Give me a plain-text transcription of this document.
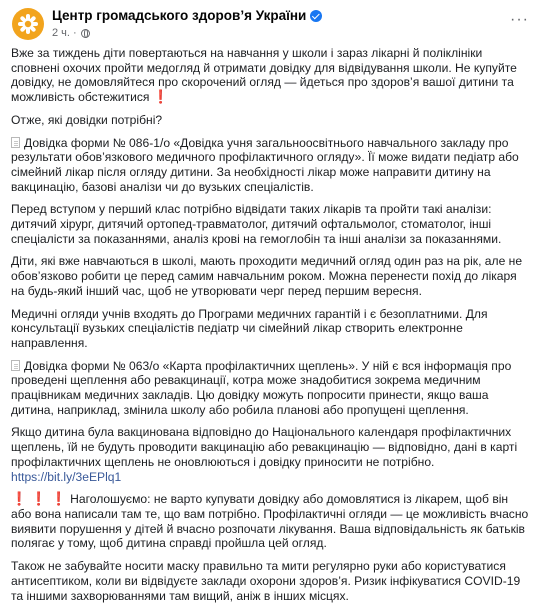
Центр громадського здоров’я України
2 ч. ·
···

Вже за тиждень діти повертаються на навчання у школи і зараз лікарні й поліклініки сповнені охочих пройти медогляд й отримати довідку для відвідування школи. Не купуйте довідку, не домовляйтеся про скорочений огляд — йдеться про здоров’я вашої дитини та можливість обстежитися ❗

Отже, які довідки потрібні?

Довідка форми № 086-1/о «Довідка учня загальноосвітнього навчального закладу про результати обов’язкового медичного профілактичного огляду». Її може видати педіатр або сімейний лікар після огляду дитини. За необхідності лікар може направити дитину на вакцинацію, базові аналізи чи до вузьких спеціалістів.

Перед вступом у перший клас потрібно відвідати таких лікарів та пройти такі аналізи: дитячий хірург, дитячий ортопед-травматолог, дитячий офтальмолог, стоматолог, інші спеціалісти за показаннями, аналіз крові на гемоглобін та інші аналізи за показаннями.

Діти, які вже навчаються в школі, мають проходити медичний огляд один раз на рік, але не обов’язково робити це перед самим навчальним роком. Можна перенести похід до лікаря на будь-який інший час, щоб не утворювати черг перед першим вересня.

Медичні огляди учнів входять до Програми медичних гарантій і є безоплатними. Для консультації вузьких спеціалістів педіатр чи сімейний лікар створить електронне направлення.

Довідка форми № 063/о «Карта профілактичних щеплень». У ній є вся інформація про проведені щеплення або ревакцинації, котра може знадобитися зокрема медичним працівникам медичних закладів. Цю довідку можуть попросити принести, якщо ваша дитина, наприклад, змінила школу або робила планові або пропущені щеплення.

Якщо дитина була вакцинована відповідно до Національного календаря профілактичних щеплень, їй не будуть проводити вакцинацію або ревакцинацію — відповідно, дані в карті профілактичних щеплень не оновлюються і довідку приносити не потрібно.
https://bit.ly/3eEPlq1

❗ ❗ ❗ Наголошуємо: не варто купувати довідку або домовлятися із лікарем, щоб він або вона написали там те, що вам потрібно. Профілактичні огляди — це можливість вчасно виявити порушення у дітей й вчасно розпочати лікування. Ваша відповідальність як батьків полягає у тому, щоб дитина справді пройшла цей огляд.

Також не забувайте носити маску правильно та мити регулярно руки або користуватися антисептиком, коли ви відвідуєте заклади охорони здоров’я. Ризик інфікуватися COVID-19 та іншими захворюваннями там вищий, аніж в інших місцях.
